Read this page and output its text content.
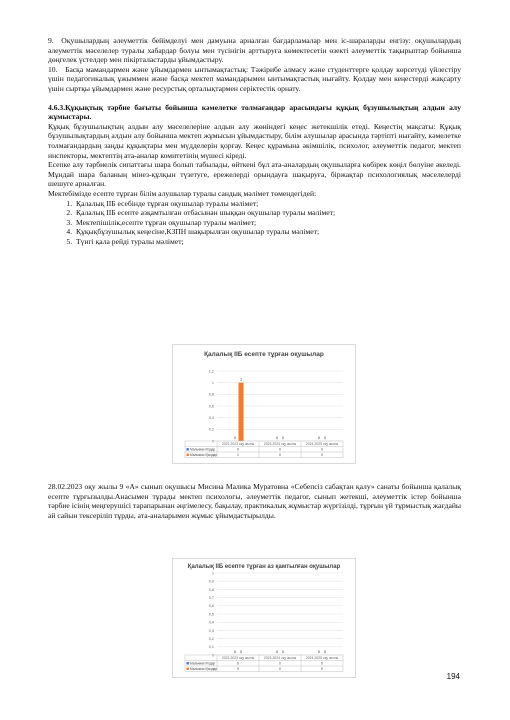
9. Оқушылардың әлеуметтік бейімделуі мен дамуына арналған бағдарламалар мен іс-шараларды енгізу: оқушылардың әлеуметтік мәселелер туралы хабардар болуы мен түсінігін арттыруға көмектесетін өзекті әлеуметтік тақырыптар бойынша дөңгелек үстелдер мен пікірталастарды ұйымдастыру.

10. Басқа мамандармен және ұйымдармен ынтымақтастық: Тәжірибе алмасу және студенттерге қолдау көрсетуді үйлестіру үшін педагогикалық ұжыммен және басқа мектеп мамандарымен ынтымақтастық нығайту. Қолдау мен кеңестерді жақсарту үшін сыртқы ұйымдармен және ресурстық орталықтармен серіктестік орнату.

4.6.3.Құқықтық тәрбие бағыты бойынша кәмелетке толмағандар арасындағы құқық бұзушылықтың алдын алу жұмыстары.

Құқық бұзушылықтың алдын алу мәселелеріне алдын алу жөніндегі кеңес жетекшілік етеді. Кеңестің мақсаты: Құқық бұзушылықтардың алдын алу бойынша мектеп жұмысын ұйымдастыру, білім алушылар арасында тәртіпті нығайту, кәмелетке толмағандардың заңды құқықтары мен мүдделерін қорғау. Кеңес құрамына әкімшілік, психолог, әлеуметтік педагог, мектеп инспекторы, мектептің ата-аналар комитетінің мүшесі кіреді.

Есепке алу тәрбиелік сипаттағы шара болып табылады, өйткені бұл ата-аналардың оқушыларға көбірек көңіл бөлуіне әкеледі. Мұндай шара баланың мінез-құлқын түзетуге, ережелерді орындауға шақыруға, біржақтар психологиялық мәселелерді шешуге арналған.

Мектебімізде есепте тұрған білім алушылар туралы сандық мәлімет төмендегідей:

1. Қалалық ІІБ есебінде тұрған оқушылар туралы мәлімет;
2. Қалалық ІІБ есепте азқамтылған отбасынан шыққан оқушылар туралы мәлімет;
3. Мектепішілік,есепте тұрған оқушылар туралы мәлімет;
4. Құқықбұзушылық кеңесіне,КЗПН шақырылған оқушылар туралы мәлімет;
5. Түнгі қала рейді туралы мәлімет;
Қалалық ІІБ есепте тұрған оқушылар
0
0,2
0,4
0,6
0,8
1
1,2
0
1
0 0	0 0
2022-2023 оқу жылы	2023-2024 оқу жылы	2024-2025 оқу жылы
Мальчики /Ұлдар	0	0	0
Мальчики /Қыздар	1	0	0

28.02.2023 оқу жылы 9 «А» сынып оқушысы Мисина Малика Муратовна «Себепсіз сабақтан қалу» санаты бойынша қалалық есепте тұрғызылды.Анасымен тұрады мектеп психологы, әлеуметтік педагог, сынып жетекші, әлеуметтік істер бойынша тәрбие ісінің меңгерушісі тарапарынан әңгімелесу, бақылау, практикалық жұмыстар жүргізілді, тұрғын үй тұрмыстық жағдайы ай сайын тексеріліп тұрды, ата-аналарымен жұмыс ұйымдастырылды.

Қалалық ІІБ есепте тұрған аз қамтылған оқушылар
0
0,1
0,2
0,3
0,4
0,5
0,6
0,7
0,8
0,9
1
0 0	0 0	0 0
2022-2023 оқу жылы	2023-2024 оқу жылы	2024-2025 оқу жылы
Мальчики /Ұлдар	0	0	0
Мальчики /Қыздар	0	0	0
194
